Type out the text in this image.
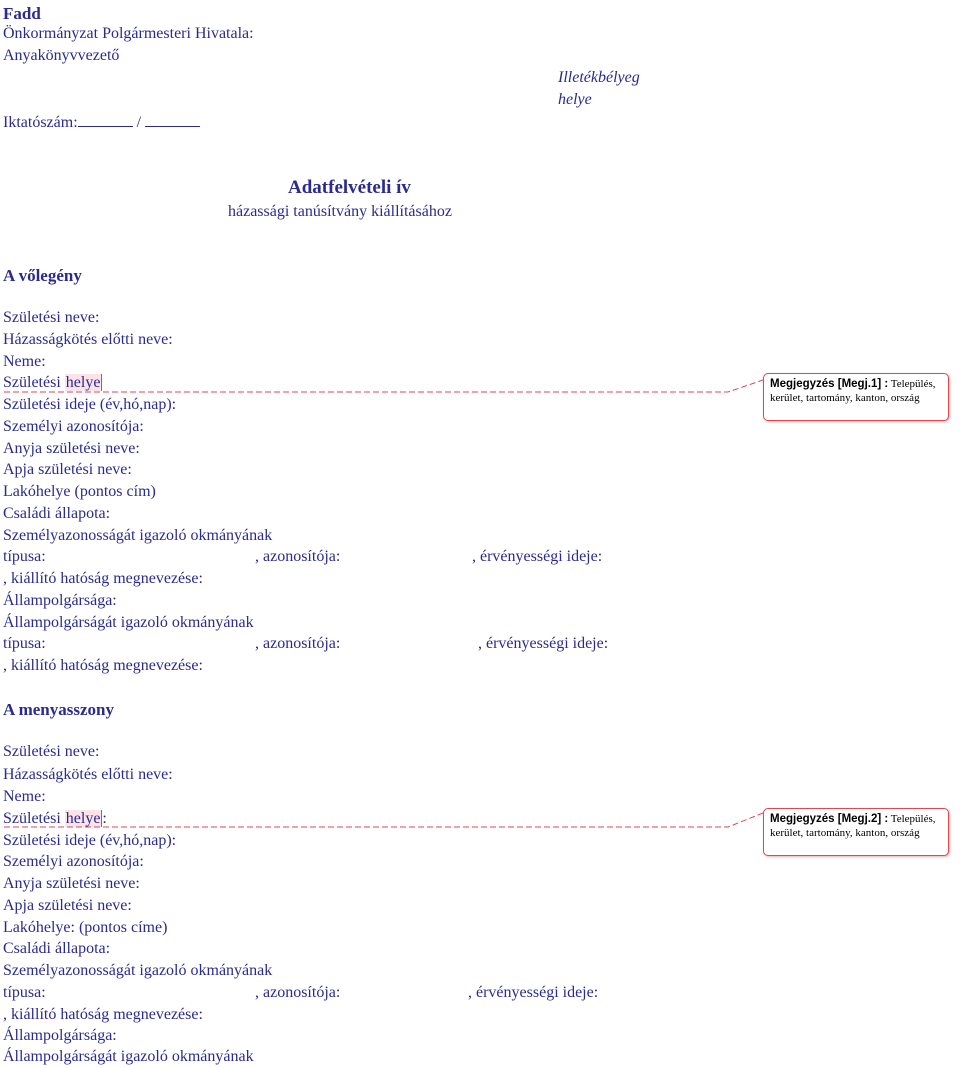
Fadd
Önkormányzat Polgármesteri Hivatala:
Anyakönyvvezető
Illetékbélyeg
helye
Iktatószám:	/
Adatfelvételi ív
házassági tanúsítvány kiállításához
A vőlegény
Születési neve:
Házasságkötés előtti neve:
Neme:
Születési helye
Születési ideje (év,hó,nap):
Személyi azonosítója:
Anyja születési neve:
Apja születési neve:
Lakóhelye (pontos cím)
Családi állapota:
Személyazonosságát igazoló okmányának
típusa:	, azonosítója:	, érvényességi ideje:
, kiállító hatóság megnevezése:
Állampolgársága:
Állampolgárságát igazoló okmányának
típusa:	, azonosítója:	, érvényességi ideje:
, kiállító hatóság megnevezése:
A menyasszony
Születési neve:
Házasságkötés előtti neve:
Neme:
Születési helye :
Születési ideje (év,hó,nap):
Személyi azonosítója:
Anyja születési neve:
Apja születési neve:
Lakóhelye: (pontos címe)
Családi állapota:
Személyazonosságát igazoló okmányának
típusa:	, azonosítója:	, érvényességi ideje:
, kiállító hatóság megnevezése:
Állampolgársága:
Állampolgárságát igazoló okmányának
Megjegyzés [Megj.1] : Település, kerület, tartomány, kanton, ország
Megjegyzés [Megj.2] : Település, kerület, tartomány, kanton, ország
